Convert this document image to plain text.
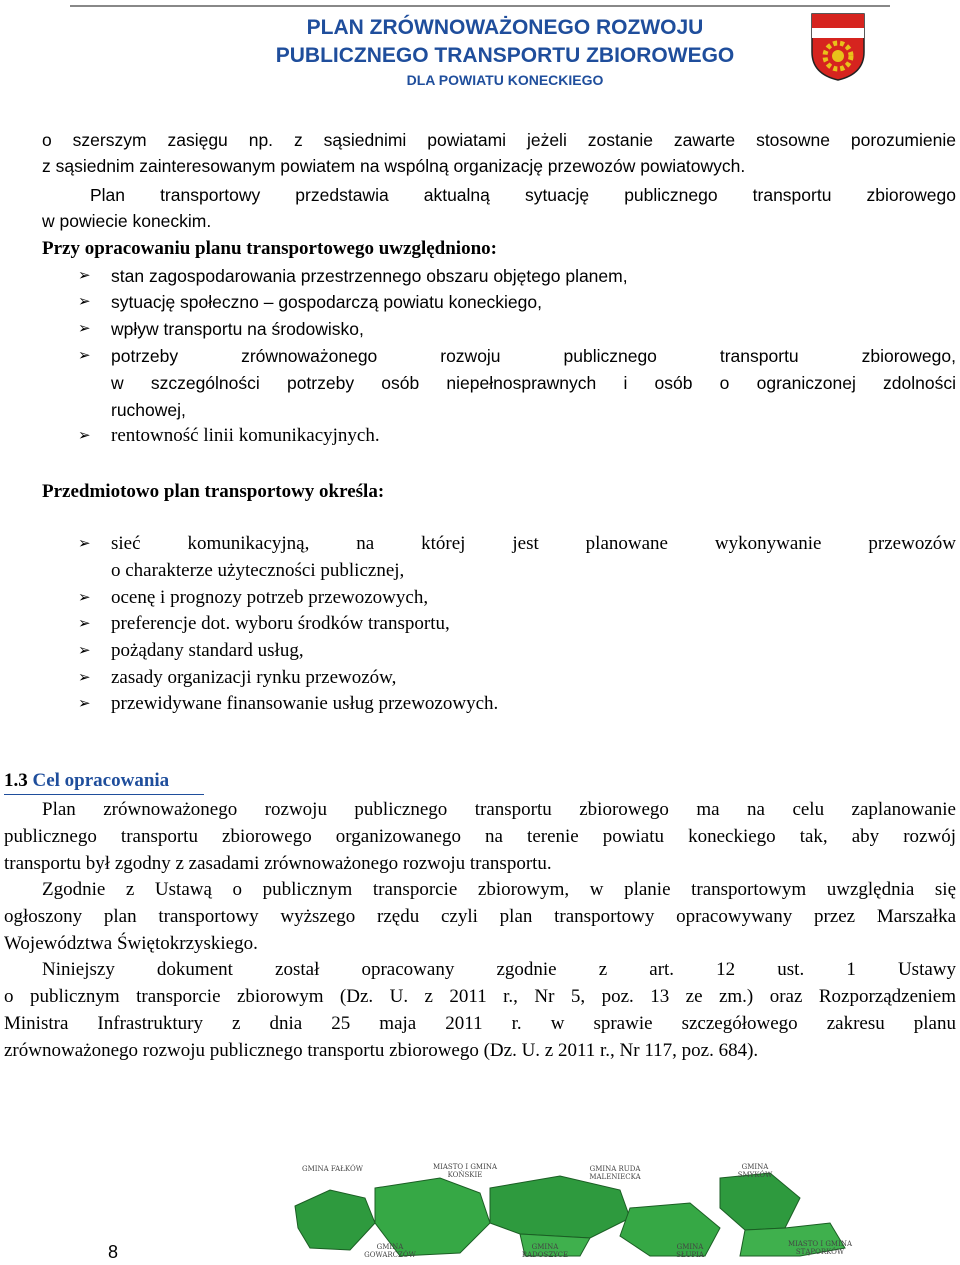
PLAN ZRÓWNOWAŻONEGO ROZWOJU
PUBLICZNEGO TRANSPORTU ZBIOROWEGO
DLA POWIATU KONECKIEGO
o szerszym zasięgu np. z sąsiednimi powiatami jeżeli zostanie zawarte stosowne porozumienie
z sąsiednim zainteresowanym powiatem na wspólną organizację przewozów powiatowych.
Plan transportowy przedstawia aktualną sytuację publicznego transportu zbiorowego
w powiecie koneckim.
Przy opracowaniu planu transportowego uwzględniono:
➢ stan zagospodarowania przestrzennego obszaru objętego planem,
➢ sytuację społeczno – gospodarczą powiatu koneckiego,
➢ wpływ transportu na środowisko,
➢ potrzeby zrównoważonego rozwoju publicznego transportu zbiorowego,
w szczególności potrzeby osób niepełnosprawnych i osób o ograniczonej zdolności
ruchowej,
➢ rentowność linii komunikacyjnych.
Przedmiotowo plan transportowy określa:
➢ sieć komunikacyjną, na której jest planowane wykonywanie przewozów
o charakterze użyteczności publicznej,
➢ ocenę i prognozy potrzeb przewozowych,
➢ preferencje dot. wyboru środków transportu,
➢ pożądany standard usług,
➢ zasady organizacji rynku przewozów,
➢ przewidywane finansowanie usług przewozowych.
1.3 Cel opracowania
Plan zrównoważonego rozwoju publicznego transportu zbiorowego ma na celu zaplanowanie
publicznego transportu zbiorowego organizowanego na terenie powiatu koneckiego tak, aby rozwój
transportu był zgodny z zasadami zrównoważonego rozwoju transportu.
Zgodnie z Ustawą o publicznym transporcie zbiorowym, w planie transportowym uwzględnia się
ogłoszony plan transportowy wyższego rzędu czyli plan transportowy opracowywany przez Marszałka
Województwa Świętokrzyskiego.
Niniejszy dokument został opracowany zgodnie z art. 12 ust. 1 Ustawy
o publicznym transporcie zbiorowym (Dz. U. z 2011 r., Nr 5, poz. 13 ze zm.) oraz Rozporządzeniem
Ministra Infrastruktury z dnia 25 maja 2011 r. w sprawie szczegółowego zakresu planu
zrównoważonego rozwoju publicznego transportu zbiorowego (Dz. U. z 2011 r., Nr 117, poz. 684).
8
GMINA FAŁKÓW	MIASTO I GMINA KOŃSKIE
GMINA RUDA MALENIECKA
GMINA SMYKÓW
GMINA GOWARCZÓW
GMINA RADOSZYCE
GMINA SŁUPIA
MIASTO I GMINA STĄPORKÓW
